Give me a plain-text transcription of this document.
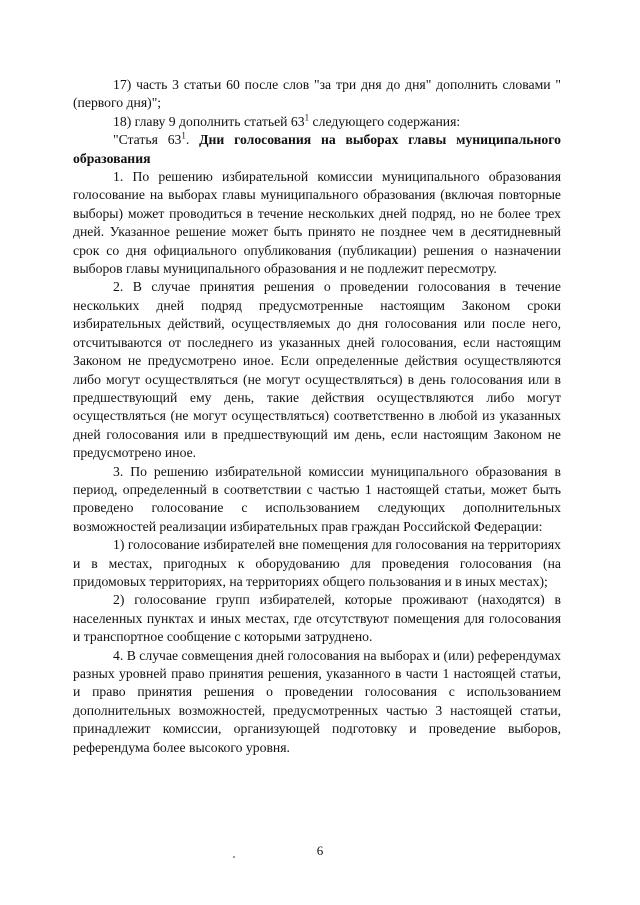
17) часть 3 статьи 60 после слов "за три дня до дня" дополнить словами "(первого дня)";

18) главу 9 дополнить статьей $63^1$ следующего содержания:

"Статья $63^1$. Дни голосования на выборах главы муниципального образования

1. По решению избирательной комиссии муниципального образования голосование на выборах главы муниципального образования (включая повторные выборы) может проводиться в течение нескольких дней подряд, но не более трех дней. Указанное решение может быть принято не позднее чем в десятидневный срок со дня официального опубликования (публикации) решения о назначении выборов главы муниципального образования и не подлежит пересмотру.

2. В случае принятия решения о проведении голосования в течение нескольких дней подряд предусмотренные настоящим Законом сроки избирательных действий, осуществляемых до дня голосования или после него, отсчитываются от последнего из указанных дней голосования, если настоящим Законом не предусмотрено иное. Если определенные действия осуществляются либо могут осуществляться (не могут осуществляться) в день голосования или в предшествующий ему день, такие действия осуществляются либо могут осуществляться (не могут осуществляться) соответственно в любой из указанных дней голосования или в предшествующий им день, если настоящим Законом не предусмотрено иное.

3. По решению избирательной комиссии муниципального образования в период, определенный в соответствии с частью 1 настоящей статьи, может быть проведено голосование с использованием следующих дополнительных возможностей реализации избирательных прав граждан Российской Федерации:

1) голосование избирателей вне помещения для голосования на территориях и в местах, пригодных к оборудованию для проведения голосования (на придомовых территориях, на территориях общего пользования и в иных местах);

2) голосование групп избирателей, которые проживают (находятся) в населенных пунктах и иных местах, где отсутствуют помещения для голосования и транспортное сообщение с которыми затруднено.

4. В случае совмещения дней голосования на выборах и (или) референдумах разных уровней право принятия решения, указанного в части 1 настоящей статьи, и право принятия решения о проведении голосования с использованием дополнительных возможностей, предусмотренных частью 3 настоящей статьи, принадлежит комиссии, организующей подготовку и проведение выборов, референдума более высокого уровня.

6
